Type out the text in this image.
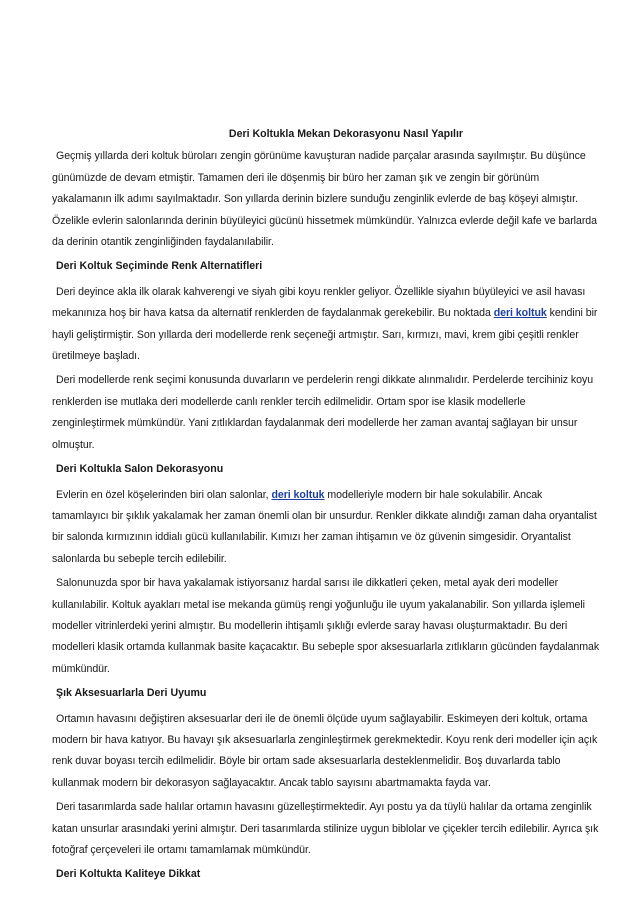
Deri Koltukla Mekan Dekorasyonu Nasıl Yapılır

Geçmiş yıllarda deri koltuk büroları zengin görünüme kavuşturan nadide parçalar arasında sayılmıştır. Bu düşünce günümüzde de devam etmiştir. Tamamen deri ile döşenmiş bir büro her zaman şık ve zengin bir görünüm yakalamanın ilk adımı sayılmaktadır. Son yıllarda derinin bizlere sunduğu zenginlik evlerde de baş köşeyi almıştır. Özelikle evlerin salonlarında derinin büyüleyici gücünü hissetmek mümkündür. Yalnızca evlerde değil kafe ve barlarda da derinin otantik zenginliğinden faydalanılabilir.

Deri Koltuk Seçiminde Renk Alternatifleri

Deri deyince akla ilk olarak kahverengi ve siyah gibi koyu renkler geliyor. Özellikle siyahın büyüleyici ve asil havası mekanınıza hoş bir hava katsa da alternatif renklerden de faydalanmak gerekebilir. Bu noktada deri koltuk kendini bir hayli geliştirmiştir. Son yıllarda deri modellerde renk seçeneği artmıştır. Sarı, kırmızı, mavi, krem gibi çeşitli renkler üretilmeye başladı.

Deri modellerde renk seçimi konusunda duvarların ve perdelerin rengi dikkate alınmalıdır. Perdelerde tercihiniz koyu renklerden ise mutlaka deri modellerde canlı renkler tercih edilmelidir. Ortam spor ise klasik modellerle zenginleştirmek mümkündür. Yani zıtlıklardan faydalanmak deri modellerde her zaman avantaj sağlayan bir unsur olmuştur.

Deri Koltukla Salon Dekorasyonu

Evlerin en özel köşelerinden biri olan salonlar, deri koltuk modelleriyle modern bir hale sokulabilir. Ancak tamamlayıcı bir şıklık yakalamak her zaman önemli olan bir unsurdur. Renkler dikkate alındığı zaman daha oryantalist bir salonda kırmızının iddialı gücü kullanılabilir. Kımızı her zaman ihtişamın ve öz güvenin simgesidir. Oryantalist salonlarda bu sebeple tercih edilebilir.

Salonunuzda spor bir hava yakalamak istiyorsanız hardal sarısı ile dikkatleri çeken, metal ayak deri modeller kullanılabilir. Koltuk ayakları metal ise mekanda gümüş rengi yoğunluğu ile uyum yakalanabilir. Son yıllarda işlemeli modeller vitrinlerdeki yerini almıştır. Bu modellerin ihtişamlı şıklığı evlerde saray havası oluşturmaktadır. Bu deri modelleri klasik ortamda kullanmak basite kaçacaktır. Bu sebeple spor aksesuarlarla zıtlıkların gücünden faydalanmak mümkündür.

Şık Aksesuarlarla Deri Uyumu

Ortamın havasını değiştiren aksesuarlar deri ile de önemli ölçüde uyum sağlayabilir. Eskimeyen deri koltuk, ortama modern bir hava katıyor. Bu havayı şık aksesuarlarla zenginleştirmek gerekmektedir. Koyu renk deri modeller için açık renk duvar boyası tercih edilmelidir. Böyle bir ortam sade aksesuarlarla desteklenmelidir. Boş duvarlarda tablo kullanmak modern bir dekorasyon sağlayacaktır. Ancak tablo sayısını abartmamakta fayda var.

Deri tasarımlarda sade halılar ortamın havasını güzelleştirmektedir. Ayı postu ya da tüylü halılar da ortama zenginlik katan unsurlar arasındaki yerini almıştır. Deri tasarımlarda stilinize uygun biblolar ve çiçekler tercih edilebilir. Ayrıca şık fotoğraf çerçeveleri ile ortamı tamamlamak mümkündür.

Deri Koltukta Kaliteye Dikkat
